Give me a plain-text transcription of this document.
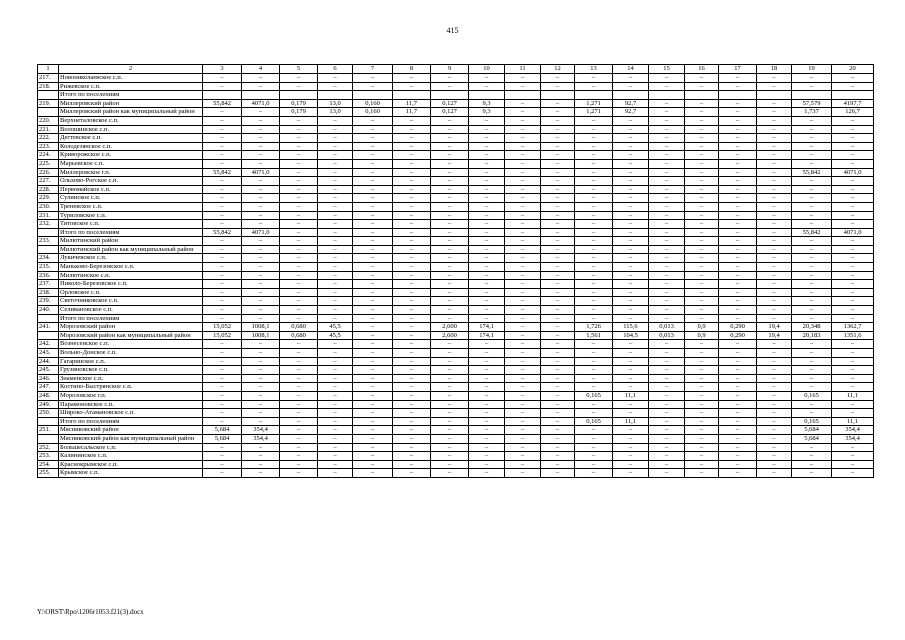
415
1	2	3	4	5	6	7	8	9	10	11	12	13	14	15	16	17	18	19	20
217.	Новониколаевское с.п.	–	–	–	–	–	–	–	–	–	–	–	–	–	–	–	–	–	–
218.	Рижевское с.п.	–	–	–	–	–	–	–	–	–	–	–	–	–	–	–	–	–	–
	Итого по поселениям																		
219.	Миллеровский район	55,842	4071,0	0,179	13,0	0,160	11,7	0,127	9,3	–	–	1,271	92,7	–	–	–	–	57,579	4197,7
	Миллеровский район как муниципальный район	–	–	0,179	13,0	0,160	11,7	0,127	9,3	–	–	1,271	92,7	–	–	–	–	1,737	126,7
220.	Верхнеталовское с.п.	–	–	–	–	–	–	–	–	–	–	–	–	–	–	–	–	–	–
221.	Волошинское с.п.	–	–	–	–	–	–	–	–	–	–	–	–	–	–	–	–	–	–
222.	Дегтевское с.п.	–	–	–	–	–	–	–	–	–	–	–	–	–	–	–	–	–	–
223.	Колодезянское с.п.	–	–	–	–	–	–	–	–	–	–	–	–	–	–	–	–	–	–
224.	Криворожское с.п.	–	–	–	–	–	–	–	–	–	–	–	–	–	–	–	–	–	–
225.	Марьевское с.п.	–	–	–	–	–	–	–	–	–	–	–	–	–	–	–	–	–	–
226.	Миллеровское г.п.	55,842	4071,0	–	–	–	–	–	–	–	–	–	–	–	–	–	–	55,842	4071,0
227.	Ольхово-Рогское с.п.	–	–	–	–	–	–	–	–	–	–	–	–	–	–	–	–	–	–
228.	Первомайское с.п.	–	–	–	–	–	–	–	–	–	–	–	–	–	–	–	–	–	–
229.	Сулинское с.п.	–	–	–	–	–	–	–	–	–	–	–	–	–	–	–	–	–	–
230.	Треневское с.п.	–	–	–	–	–	–	–	–	–	–	–	–	–	–	–	–	–	–
231.	Туриловское с.п.	–	–	–	–	–	–	–	–	–	–	–	–	–	–	–	–	–	–
232.	Титовское с.п.	–	–	–	–	–	–	–	–	–	–	–	–	–	–	–	–	–	–
	Итого по поселениям	55,842	4071,0	–	–	–	–	–	–	–	–	–	–	–	–	–	–	55,842	4071,0
233.	Милютинский район	–	–	–	–	–	–	–	–	–	–	–	–	–	–	–	–	–	–
	Милютинский район как муниципальный район	–	–	–	–	–	–	–	–	–	–	–	–	–	–	–	–	–	–
234.	Лукичевское с.п.	–	–	–	–	–	–	–	–	–	–	–	–	–	–	–	–	–	–
235.	Маньково-Березовское с.п.	–	–	–	–	–	–	–	–	–	–	–	–	–	–	–	–	–	–
236.	Милютинское с.п.	–	–	–	–	–	–	–	–	–	–	–	–	–	–	–	–	–	–
237.	Николо-Березовское с.п.	–	–	–	–	–	–	–	–	–	–	–	–	–	–	–	–	–	–
238.	Орловское с.п.	–	–	–	–	–	–	–	–	–	–	–	–	–	–	–	–	–	–
239.	Светочниковское с.п.	–	–	–	–	–	–	–	–	–	–	–	–	–	–	–	–	–	–
240.	Селивановское с.п.	–	–	–	–	–	–	–	–	–	–	–	–	–	–	–	–	–	–
	Итого по поселениям	–	–	–	–	–	–	–	–	–	–	–	–	–	–	–	–	–	–
241.	Морозовский район	15,052	1008,1	0,680	45,5	–	–	2,600	174,1	–	–	1,726	115,6	0,013	0,9	0,290	19,4	20,348	1362,7
	Морозовский район как муниципальный район	15,052	1008,1	0,680	45,5	–	–	2,600	174,1	–	–	1,561	104,5	0,013	0,9	0,290	19,4	20,183	1351,6
242.	Вознесенское с.п.	–	–	–	–	–	–	–	–	–	–	–	–	–	–	–	–	–	–
243.	Вольно-Донское с.п.	–	–	–	–	–	–	–	–	–	–	–	–	–	–	–	–	–	–
244.	Гагаринское с.п.	–	–	–	–	–	–	–	–	–	–	–	–	–	–	–	–	–	–
245.	Грузиновское с.п.	–	–	–	–	–	–	–	–	–	–	–	–	–	–	–	–	–	–
246.	Знаменское с.п.	–	–	–	–	–	–	–	–	–	–	–	–	–	–	–	–	–	–
247.	Костино-Быстрянское с.п.	–	–	–	–	–	–	–	–	–	–	–	–	–	–	–	–	–	–
248.	Морозовское г.п.	–	–	–	–	–	–	–	–	–	–	0,165	11,1	–	–	–	–	0,165	11,1
249.	Парамоновское с.п.	–	–	–	–	–	–	–	–	–	–	–	–	–	–	–	–	–	–
250.	Широко-Атамановское с.п.	–	–	–	–	–	–	–	–	–	–	–	–	–	–	–	–	–	–
	Итого по поселениям	–	–	–	–	–	–	–	–	–	–	0,165	11,1	–	–	–	–	0,165	11,1
251.	Мясниковский район	5,684	354,4	–	–	–	–	–	–	–	–	–	–	–	–	–	–	5,684	354,4
	Мясниковский район как муниципальный район	5,684	354,4	–	–	–	–	–	–	–	–	–	–	–	–	–	–	5,684	354,4
252.	Большесальское с.п.	–	–	–	–	–	–	–	–	–	–	–	–	–	–	–	–	–	–
253.	Калининское с.п.	–	–	–	–	–	–	–	–	–	–	–	–	–	–	–	–	–	–
254.	Краснокрымское с.п.	–	–	–	–	–	–	–	–	–	–	–	–	–	–	–	–	–	–
255.	Крымское с.п.	–	–	–	–	–	–	–	–	–	–	–	–	–	–	–	–	–	–
Y:\ORST\Rpo\1206r1053.f21(3).docx
